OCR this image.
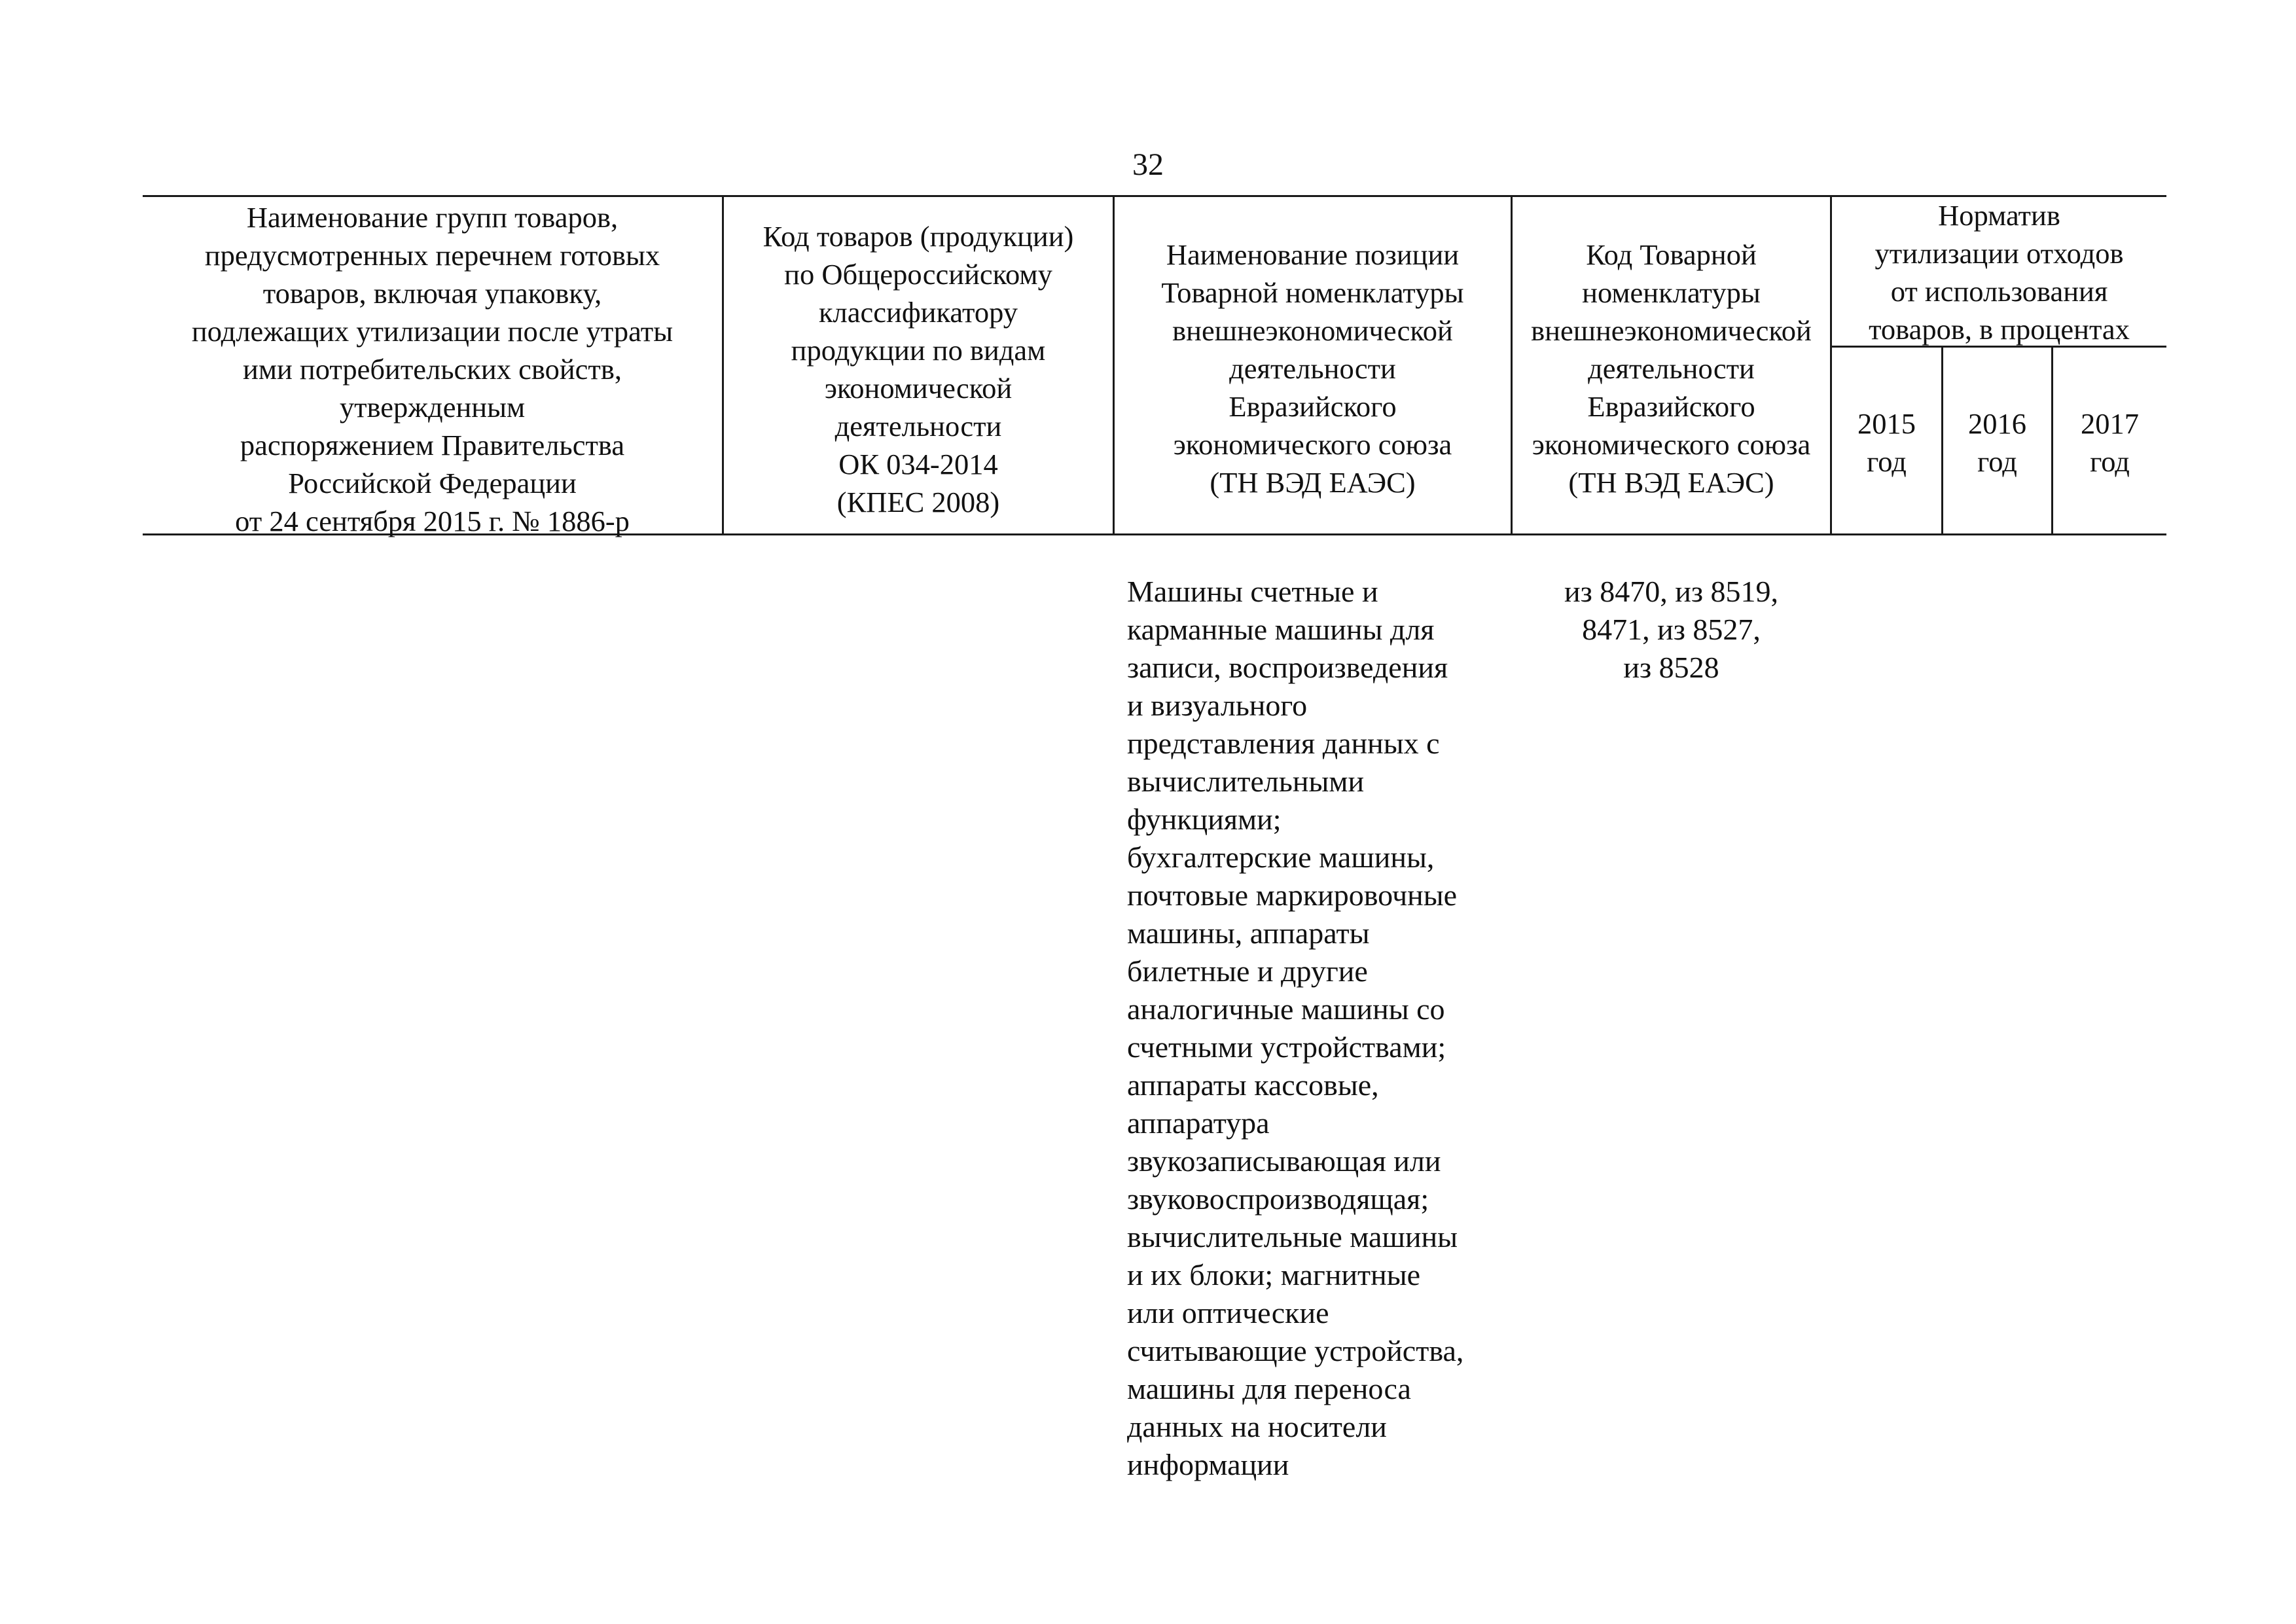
32
Наименование групп товаров,
предусмотренных перечнем готовых
товаров, включая упаковку,
подлежащих утилизации после утраты
ими потребительских свойств,
утвержденным
распоряжением Правительства
Российской Федерации
от 24 сентября 2015 г. № 1886-р
Код товаров (продукции)
по Общероссийскому
классификатору
продукции по видам
экономической
деятельности
ОК 034-2014
(КПЕС 2008)
Наименование позиции
Товарной номенклатуры
внешнеэкономической
деятельности
Евразийского
экономического союза
(ТН ВЭД ЕАЭС)
Код Товарной
номенклатуры
внешнеэкономической
деятельности
Евразийского
экономического союза
(ТН ВЭД ЕАЭС)
Норматив
утилизации отходов
от использования
товаров, в процентах
2015
год
2016
год
2017
год
Машины счетные и
карманные машины для
записи, воспроизведения
и визуального
представления данных с
вычислительными
функциями;
бухгалтерские машины,
почтовые маркировочные
машины, аппараты
билетные и другие
аналогичные машины со
счетными устройствами;
аппараты кассовые,
аппаратура
звукозаписывающая или
звуковоспроизводящая;
вычислительные машины
и их блоки; магнитные
или оптические
считывающие устройства,
машины для переноса
данных на носители
информации
из 8470, из 8519,
8471, из 8527,
из 8528
